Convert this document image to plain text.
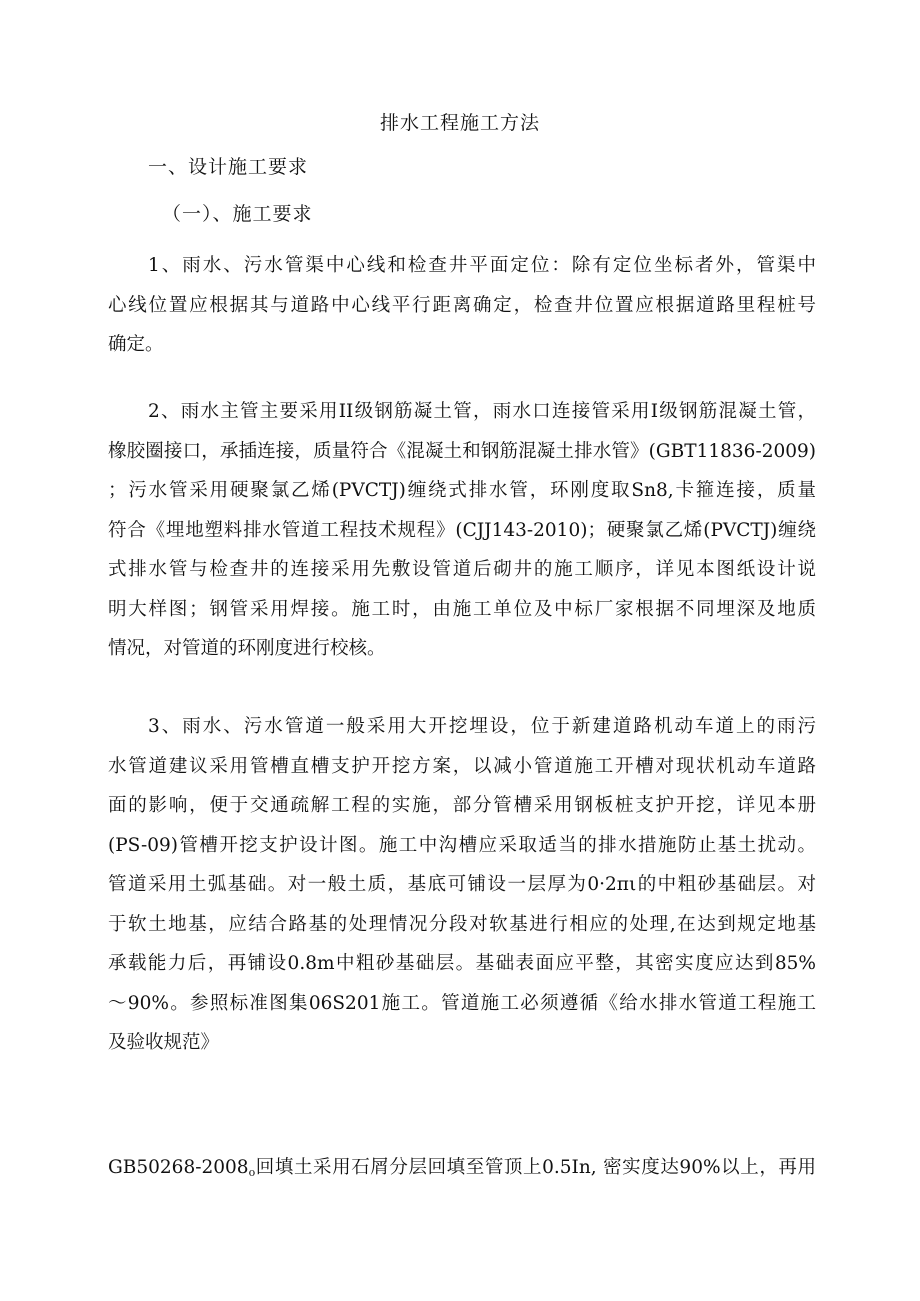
排水工程施工方法
一、设计施工要求
（一）、施工要求
1、雨水、污水管渠中心线和检查井平面定位：除有定位坐标者外，管渠中
心线位置应根据其与道路中心线平行距离确定，检查井位置应根据道路里程桩号
确定。
2、雨水主管主要采用II级钢筋凝土管，雨水口连接管采用I级钢筋混凝土管，
橡胶圈接口，承插连接，质量符合《混凝土和钢筋混凝土排水管》(GBT11836-2009)
；污水管采用硬聚氯乙烯(PVCTJ)缠绕式排水管，环刚度取Sn8,卡箍连接，质量
符合《埋地塑料排水管道工程技术规程》(CJJ143-2010)；硬聚氯乙烯(PVCTJ)缠绕
式排水管与检查井的连接采用先敷设管道后砌井的施工顺序，详见本图纸设计说
明大样图；钢管采用焊接。施工时，由施工单位及中标厂家根据不同埋深及地质
情况，对管道的环刚度进行校核。
3、雨水、污水管道一般采用大开挖埋设，位于新建道路机动车道上的雨污
水管道建议采用管槽直槽支护开挖方案，以减小管道施工开槽对现状机动车道路
面的影响，便于交通疏解工程的实施，部分管槽采用钢板桩支护开挖，详见本册
(PS-09)管槽开挖支护设计图。施工中沟槽应采取适当的排水措施防止基土扰动。
管道采用土弧基础。对一般土质，基底可铺设一层厚为0·2πι的中粗砂基础层。对
于软土地基，应结合路基的处理情况分段对软基进行相应的处理,在达到规定地基
承载能力后，再铺设0.8m中粗砂基础层。基础表面应平整，其密实度应达到85%
～90%。参照标准图集06S201施工。管道施工必须遵循《给水排水管道工程施工
及验收规范》
$GB50268-2008_o$回填土采用石屑分层回填至管顶上0.5In, 密实度达90%以上，再用
